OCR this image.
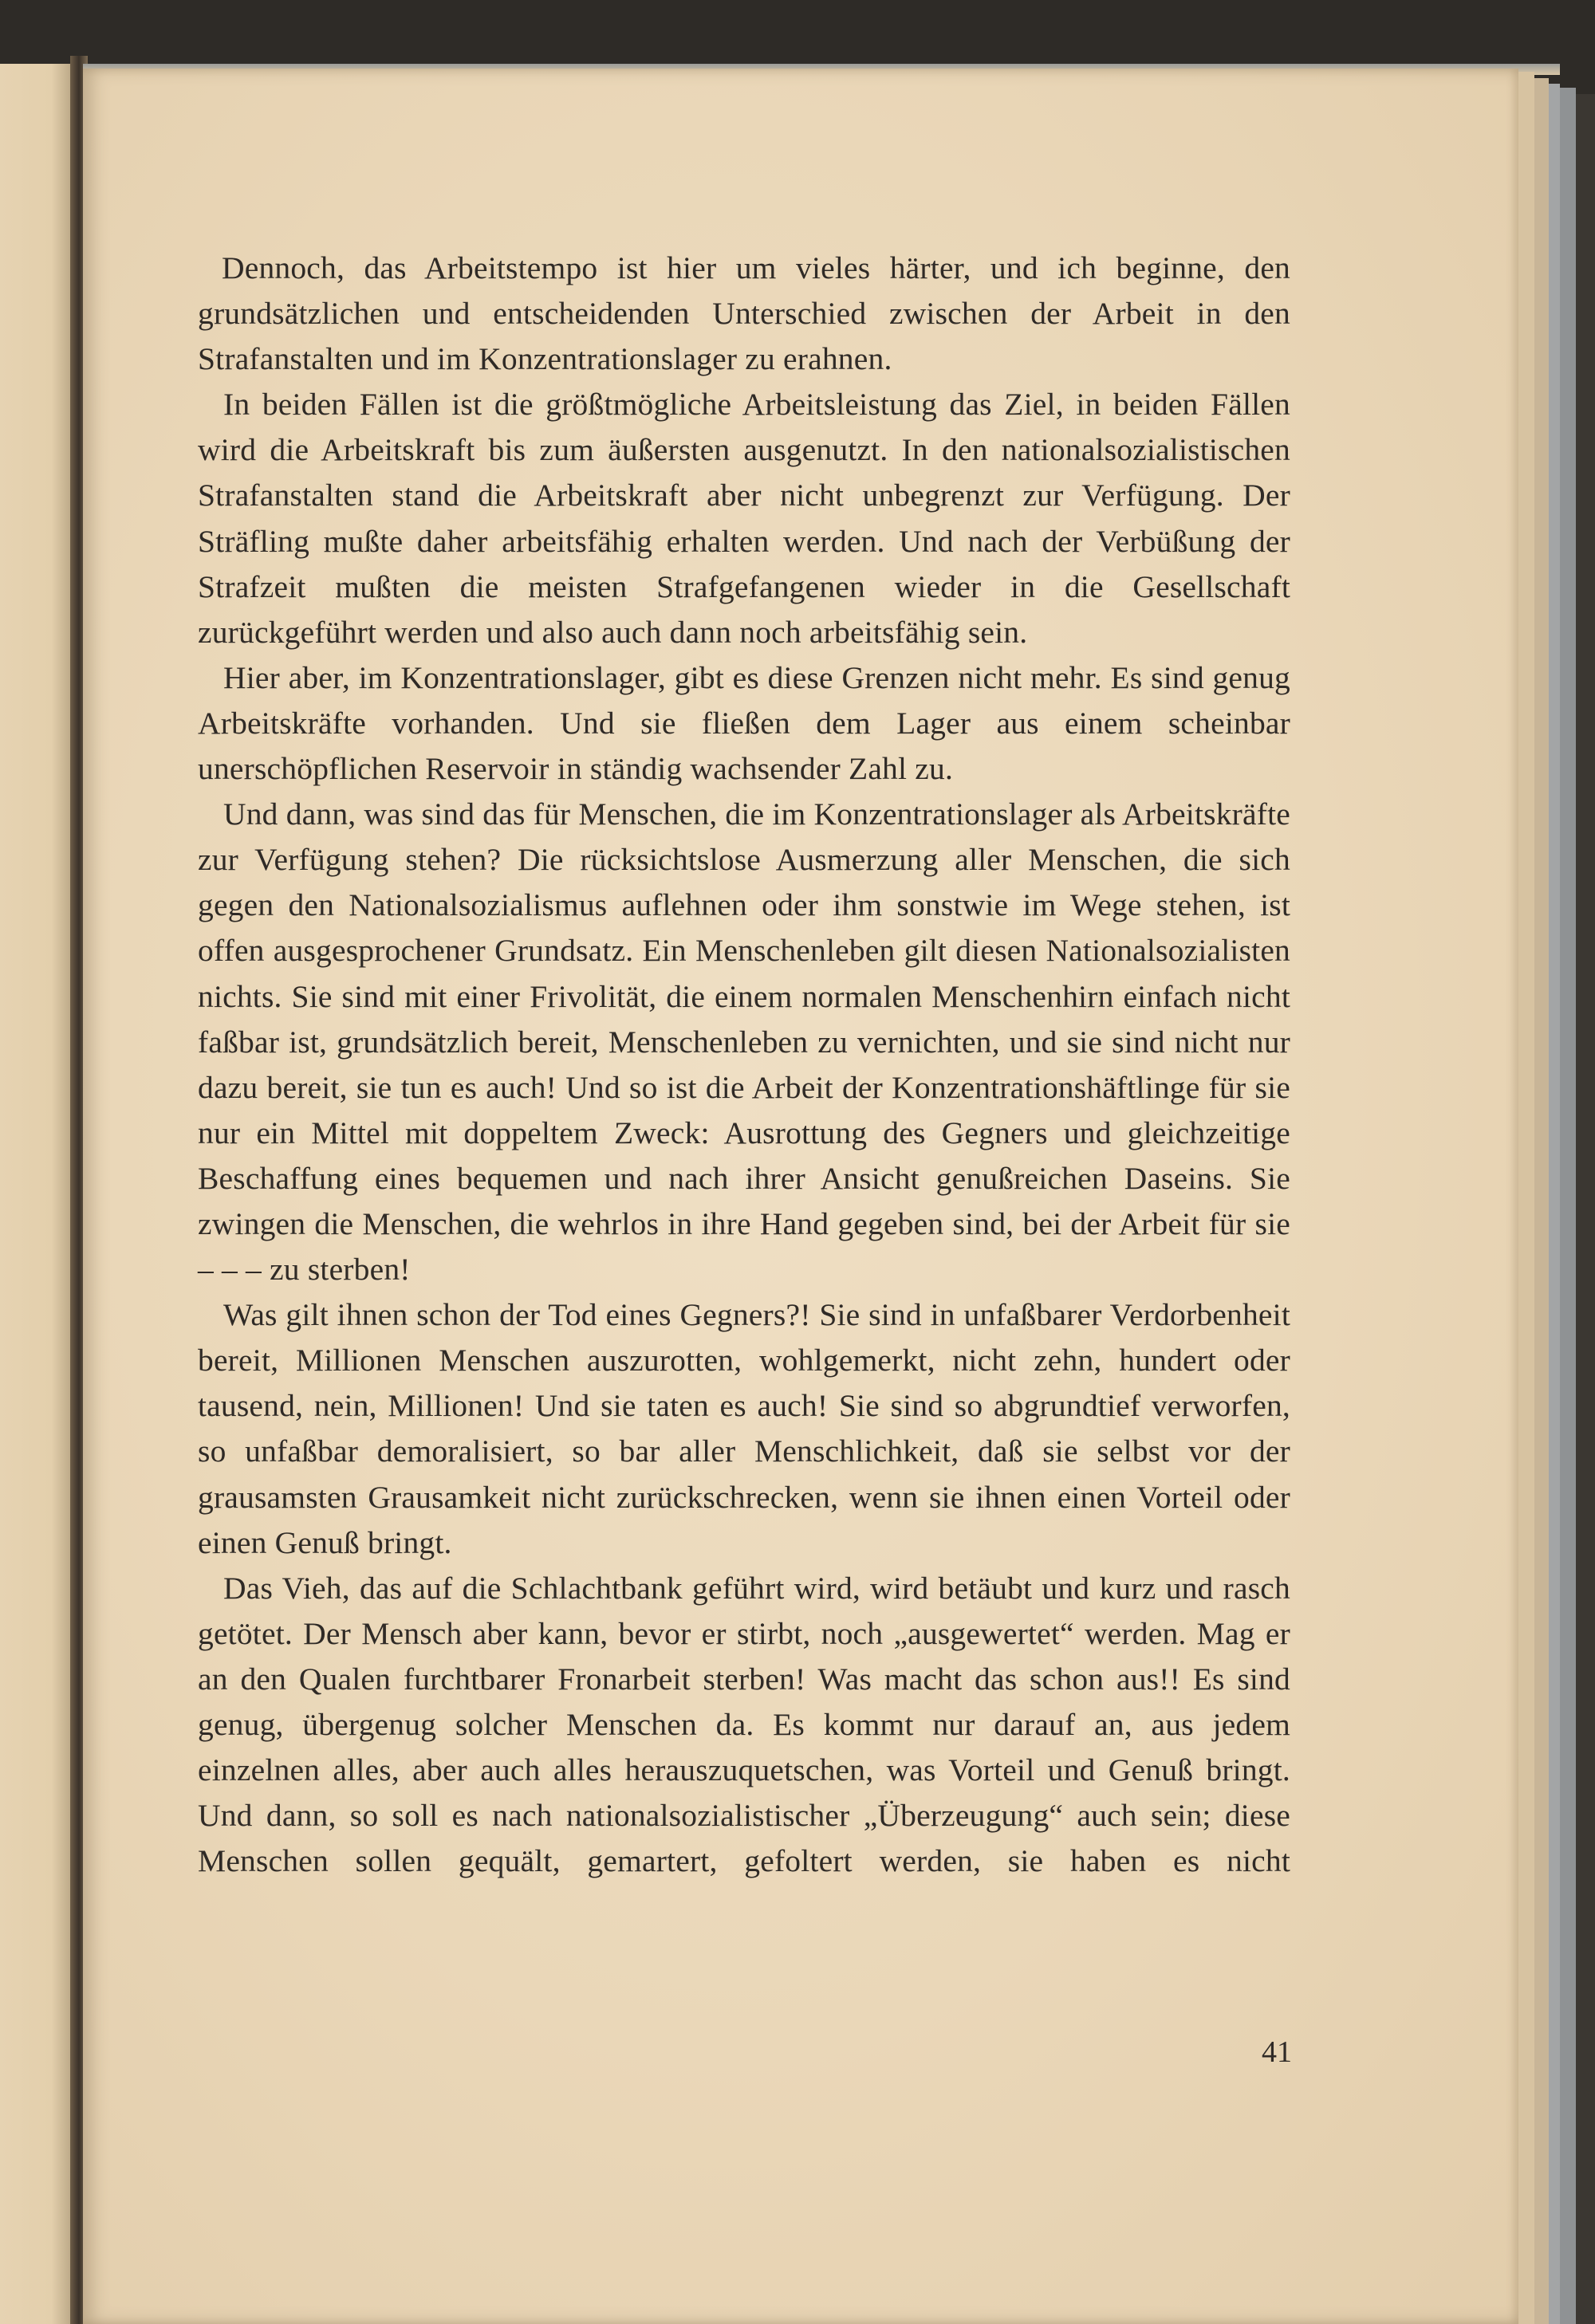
Dennoch, das Arbeitstempo ist hier um vieles härter, und ich beginne, den grundsätzlichen und entscheidenden Unterschied zwischen der Arbeit in den Strafanstalten und im Konzentrationslager zu erahnen.

In beiden Fällen ist die größtmögliche Arbeitsleistung das Ziel, in beiden Fällen wird die Arbeitskraft bis zum äußersten ausgenutzt. In den nationalsozialistischen Strafanstalten stand die Arbeitskraft aber nicht unbegrenzt zur Verfügung. Der Sträfling mußte daher arbeitsfähig erhalten werden. Und nach der Verbüßung der Strafzeit mußten die meisten Strafgefangenen wieder in die Gesellschaft zurückgeführt werden und also auch dann noch arbeitsfähig sein.

Hier aber, im Konzentrationslager, gibt es diese Grenzen nicht mehr. Es sind genug Arbeitskräfte vorhanden. Und sie fließen dem Lager aus einem scheinbar unerschöpflichen Reservoir in ständig wachsender Zahl zu.

Und dann, was sind das für Menschen, die im Konzentrationslager als Arbeitskräfte zur Verfügung stehen? Die rücksichtslose Ausmerzung aller Menschen, die sich gegen den Nationalsozialismus auflehnen oder ihm sonstwie im Wege stehen, ist offen ausgesprochener Grundsatz. Ein Menschenleben gilt diesen Nationalsozialisten nichts. Sie sind mit einer Frivolität, die einem normalen Menschenhirn einfach nicht faßbar ist, grundsätzlich bereit, Menschenleben zu vernichten, und sie sind nicht nur dazu bereit, sie tun es auch! Und so ist die Arbeit der Konzentrationshäftlinge für sie nur ein Mittel mit doppeltem Zweck: Ausrottung des Gegners und gleichzeitige Beschaffung eines bequemen und nach ihrer Ansicht genußreichen Daseins. Sie zwingen die Menschen, die wehrlos in ihre Hand gegeben sind, bei der Arbeit für sie – – – zu sterben!

Was gilt ihnen schon der Tod eines Gegners?! Sie sind in unfaßbarer Verdorbenheit bereit, Millionen Menschen auszurotten, wohlgemerkt, nicht zehn, hundert oder tausend, nein, Millionen! Und sie taten es auch! Sie sind so abgrundtief verworfen, so unfaßbar demoralisiert, so bar aller Menschlichkeit, daß sie selbst vor der grausamsten Grausamkeit nicht zurückschrecken, wenn sie ihnen einen Vorteil oder einen Genuß bringt.

Das Vieh, das auf die Schlachtbank geführt wird, wird betäubt und kurz und rasch getötet. Der Mensch aber kann, bevor er stirbt, noch „ausgewertet“ werden. Mag er an den Qualen furchtbarer Fronarbeit sterben! Was macht das schon aus!! Es sind genug, übergenug solcher Menschen da. Es kommt nur darauf an, aus jedem einzelnen alles, aber auch alles herauszuquetschen, was Vorteil und Genuß bringt. Und dann, so soll es nach nationalsozialistischer „Überzeugung“ auch sein; diese Menschen sollen gequält, gemartert, gefoltert werden, sie haben es nicht

41
